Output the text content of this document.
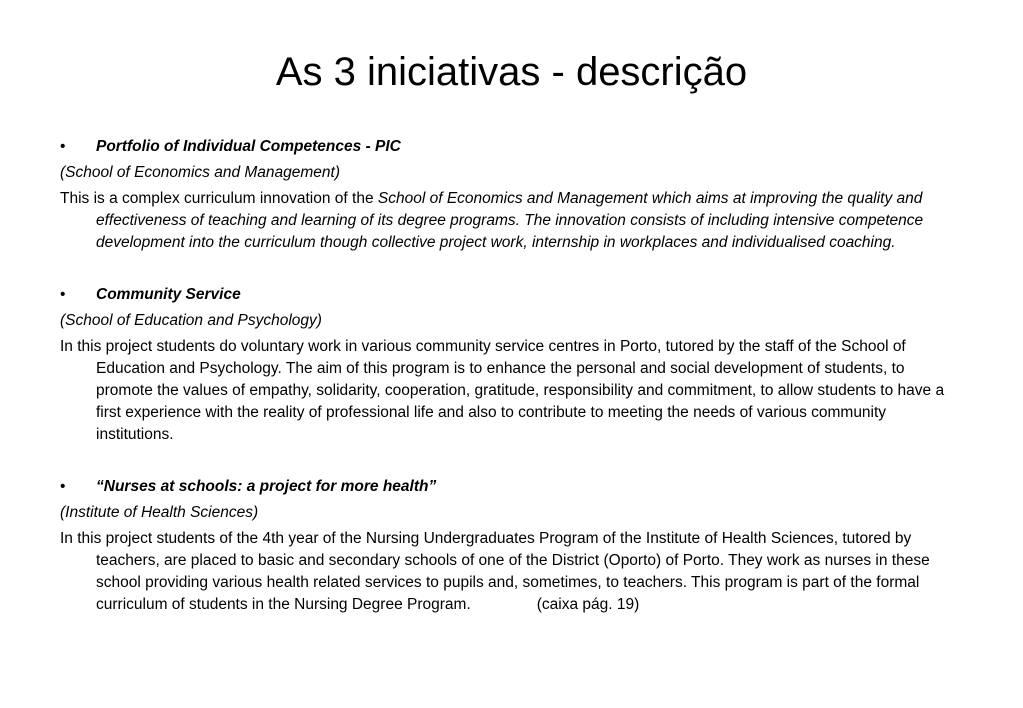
As 3 iniciativas - descrição
•	Portfolio of Individual Competences - PIC
(School of Economics and Management)
This is a complex curriculum innovation of the School of Economics and Management which aims at improving the quality and effectiveness of teaching and learning of its degree programs. The innovation consists of including intensive competence development into the curriculum though collective project work, internship in workplaces and individualised coaching.
•	Community Service
(School of Education and Psychology)
In this project students do voluntary work in various community service centres in Porto, tutored by the staff of the School of Education and Psychology. The aim of this program is to enhance the personal and social development of students, to promote the values of empathy, solidarity, cooperation, gratitude, responsibility and commitment, to allow students to have a first experience with the reality of professional life and also to contribute to meeting the needs of various community institutions.
•	“Nurses at schools: a project for more health”
(Institute of Health Sciences)
In this project students of the 4th year of the Nursing Undergraduates Program of the Institute of Health Sciences, tutored by teachers, are placed to basic and secondary schools of one of the District (Oporto) of Porto. They work as nurses in these school providing various health related services to pupils and, sometimes, to teachers. This program is part of the formal curriculum of students in the Nursing Degree Program.	(caixa pág. 19)
